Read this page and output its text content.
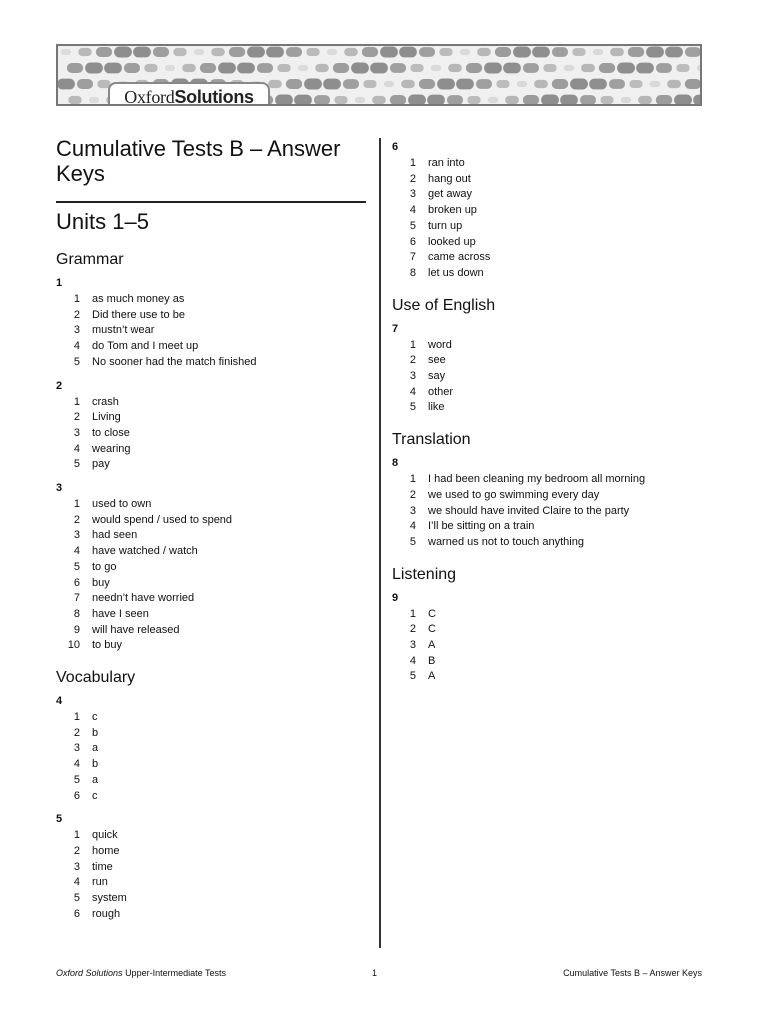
OxfordSolutions
Cumulative Tests B – Answer Keys
Units 1–5
Grammar
1
1	as much money as
2	Did there use to be
3	mustn’t wear
4	do Tom and I meet up
5	No sooner had the match finished
2
1	crash
2	Living
3	to close
4	wearing
5	pay
3
1	used to own
2	would spend / used to spend
3	had seen
4	have watched / watch
5	to go
6	buy
7	needn’t have worried
8	have I seen
9	will have released
10	to buy
Vocabulary
4
1	c
2	b
3	a
4	b
5	a
6	c
5
1	quick
2	home
3	time
4	run
5	system
6	rough
6
1	ran into
2	hang out
3	get away
4	broken up
5	turn up
6	looked up
7	came across
8	let us down
Use of English
7
1	word
2	see
3	say
4	other
5	like
Translation
8
1	I had been cleaning my bedroom all morning
2	we used to go swimming every day
3	we should have invited Claire to the party
4	I’ll be sitting on a train
5	warned us not to touch anything
Listening
9
1	C
2	C
3	A
4	B
5	A
Oxford Solutions Upper-Intermediate Tests	1	Cumulative Tests B – Answer Keys
